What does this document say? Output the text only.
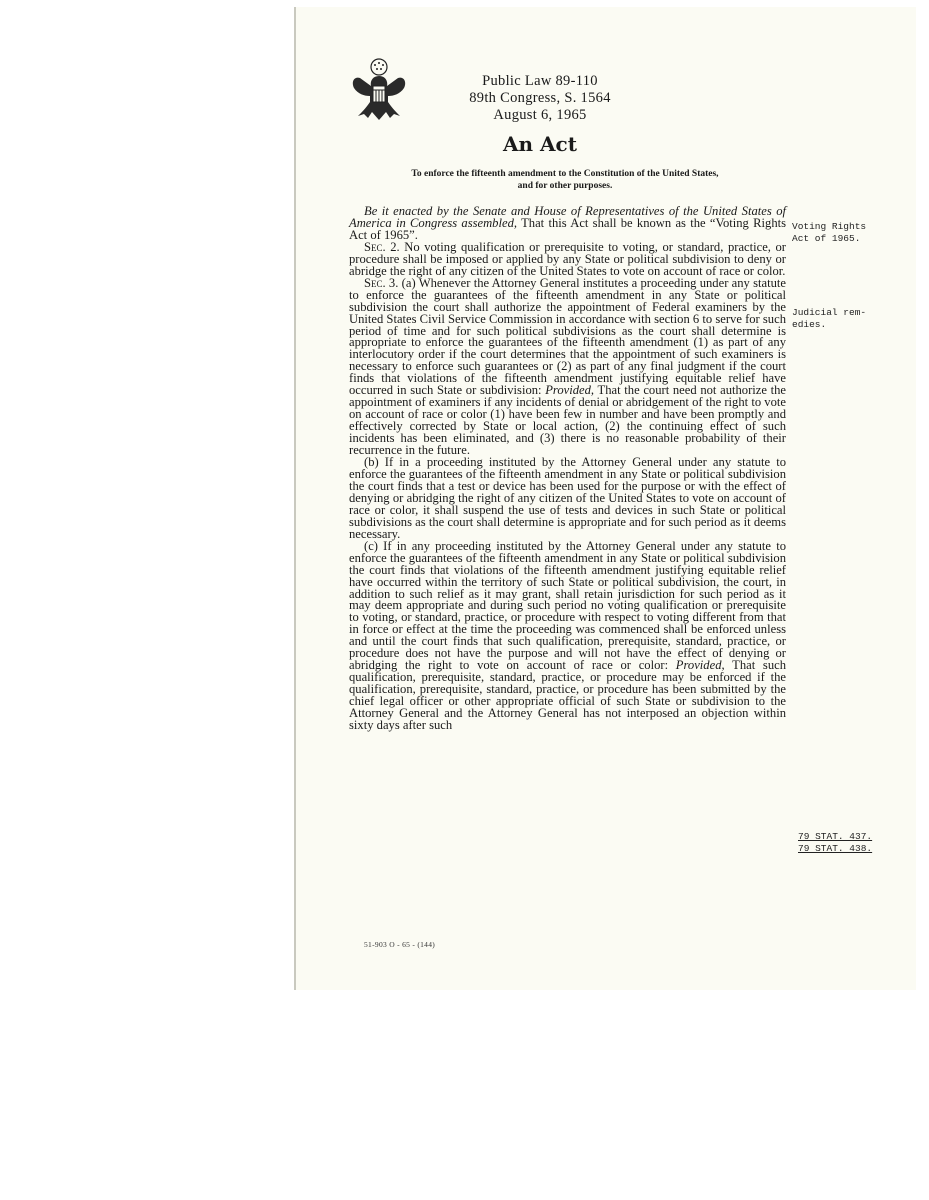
Public Law 89-110
89th Congress, S. 1564
August 6, 1965
An Act
To enforce the fifteenth amendment to the Constitution of the United States,
and for other purposes.

Be it enacted by the Senate and House of Representatives of the United States of America in Congress assembled, That this Act shall be known as the “Voting Rights Act of 1965”.

Sec. 2. No voting qualification or prerequisite to voting, or standard, practice, or procedure shall be imposed or applied by any State or political subdivision to deny or abridge the right of any citizen of the United States to vote on account of race or color.

Sec. 3. (a) Whenever the Attorney General institutes a proceeding under any statute to enforce the guarantees of the fifteenth amendment in any State or political subdivision the court shall authorize the appointment of Federal examiners by the United States Civil Service Commission in accordance with section 6 to serve for such period of time and for such political subdivisions as the court shall determine is appropriate to enforce the guarantees of the fifteenth amendment (1) as part of any interlocutory order if the court determines that the appointment of such examiners is necessary to enforce such guarantees or (2) as part of any final judgment if the court finds that violations of the fifteenth amendment justifying equitable relief have occurred in such State or subdivision: Provided, That the court need not authorize the appointment of examiners if any incidents of denial or abridgement of the right to vote on account of race or color (1) have been few in number and have been promptly and effectively corrected by State or local action, (2) the continuing effect of such incidents has been eliminated, and (3) there is no reasonable probability of their recurrence in the future.

(b) If in a proceeding instituted by the Attorney General under any statute to enforce the guarantees of the fifteenth amendment in any State or political subdivision the court finds that a test or device has been used for the purpose or with the effect of denying or abridging the right of any citizen of the United States to vote on account of race or color, it shall suspend the use of tests and devices in such State or political subdivisions as the court shall determine is appropriate and for such period as it deems necessary.

(c) If in any proceeding instituted by the Attorney General under any statute to enforce the guarantees of the fifteenth amendment in any State or political subdivision the court finds that violations of the fifteenth amendment justifying equitable relief have occurred within the territory of such State or political subdivision, the court, in addition to such relief as it may grant, shall retain jurisdiction for such period as it may deem appropriate and during such period no voting qualification or prerequisite to voting, or standard, practice, or procedure with respect to voting different from that in force or effect at the time the proceeding was commenced shall be enforced unless and until the court finds that such qualification, prerequisite, standard, practice, or procedure does not have the purpose and will not have the effect of denying or abridging the right to vote on account of race or color: Provided, That such qualification, prerequisite, standard, practice, or procedure may be enforced if the qualification, prerequisite, standard, practice, or procedure has been submitted by the chief legal officer or other appropriate official of such State or subdivision to the Attorney General and the Attorney General has not interposed an objection within sixty days after such

Voting Rights
Act of 1965.
Judicial rem-
edies.
79 STAT. 437.
79 STAT. 438.
51-903 O - 65 - (144)
